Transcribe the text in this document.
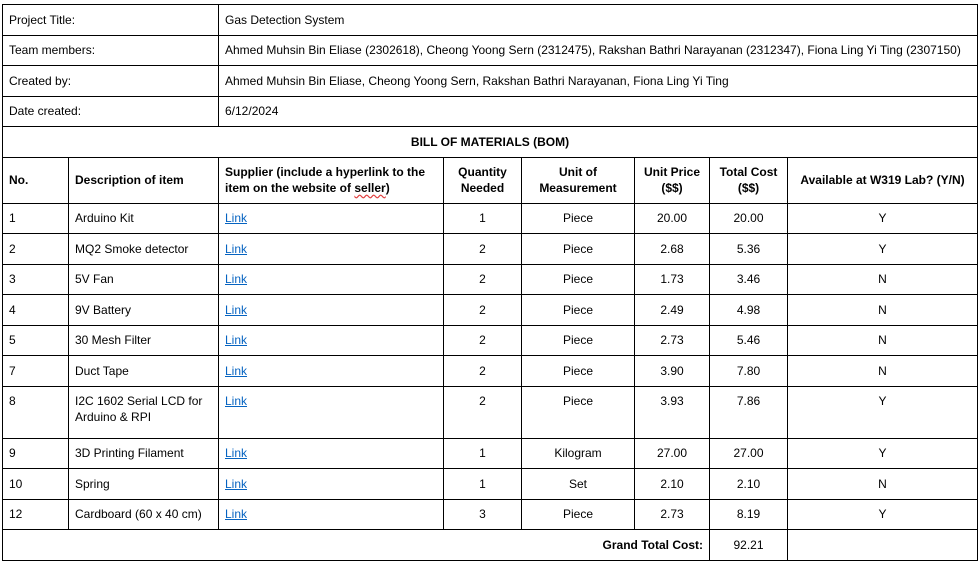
Project Title:		Gas Detection System					
Team members:		Ahmed Muhsin Bin Eliase (2302618), Cheong Yoong Sern (2312475), Rakshan Bathri Narayanan (2312347), Fiona Ling Yi Ting (2307150)					
Created by:		Ahmed Muhsin Bin Eliase, Cheong Yoong Sern, Rakshan Bathri Narayanan, Fiona Ling Yi Ting					
Date created:		6/12/2024					
BILL OF MATERIALS (BOM)							
No.	Description of item	Supplier (include a hyperlink to the item on the website of seller)	Quantity Needed	Unit of Measurement	Unit Price ($$)	Total Cost ($$)	Available at W319 Lab? (Y/N)
1	Arduino Kit	Link	1	Piece	20.00	20.00	Y
2	MQ2 Smoke detector	Link	2	Piece	2.68	5.36	Y
3	5V Fan	Link	2	Piece	1.73	3.46	N
4	9V Battery	Link	2	Piece	2.49	4.98	N
5	30 Mesh Filter	Link	2	Piece	2.73	5.46	N
7	Duct Tape	Link	2	Piece	3.90	7.80	N
8	I2C 1602 Serial LCD for Arduino & RPI	Link	2	Piece	3.93	7.86	Y
9	3D Printing Filament	Link	1	Kilogram	27.00	27.00	Y
10	Spring	Link	1	Set	2.10	2.10	N
12	Cardboard (60 x 40 cm)	Link	3	Piece	2.73	8.19	Y
Grand Total Cost:						92.21	
